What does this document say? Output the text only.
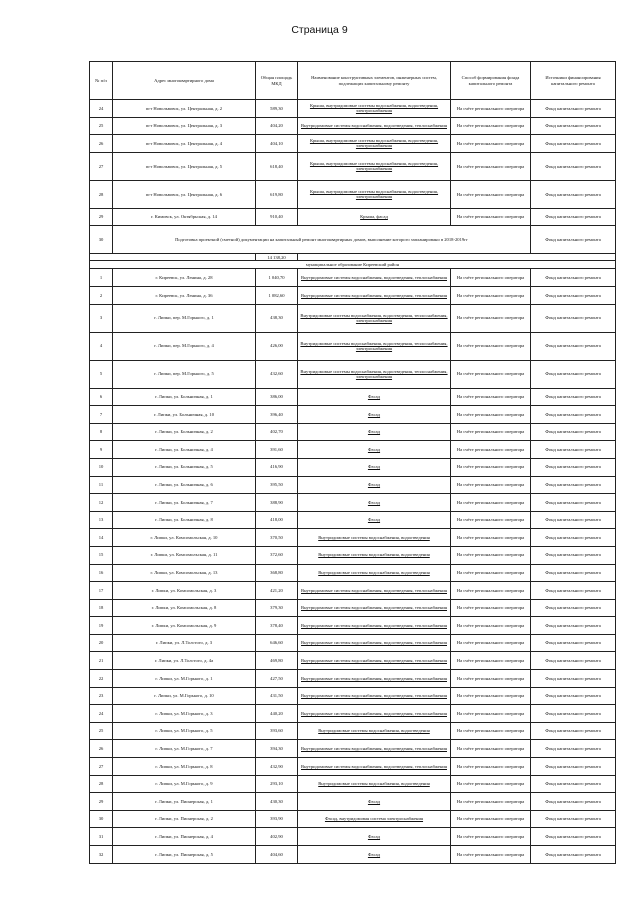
Страница 9
№ п/п	Адрес многоквартирного дома	Общая площадь МКД	Наименование конструктивных элементов, инженерных систем, подлежащих капитальному ремонту	Способ формирования фонда капитального ремонта	Источники финансирования капитального ремонта
24	пгт Новольвовск, ул. Центральная, д. 2	589,30	Крыша, внутридомовые системы водоснабжения, водоотведения, электроснабжения	На счёте регионального оператора	Фонд капитального ремонта
25	пгт Новольвовск, ул. Центральная, д. 3	404,20	Внутридомовые системы водоснабжения, водоотведения, теплоснабжения	На счёте регионального оператора	Фонд капитального ремонта
26	пгт Новольвовск, ул. Центральная, д. 4	404,10	Крыша, внутридомовые системы водоснабжения, водоотведения, электроснабжения	На счёте регионального оператора	Фонд капитального ремонта
27	пгт Новольвовск, ул. Центральная, д. 5	618,40	Крыша, внутридомовые системы водоснабжения, водоотведения, электроснабжения	На счёте регионального оператора	Фонд капитального ремонта
28	пгт Новольвовск, ул. Центральная, д. 6	619,80	Крыша, внутридомовые системы водоснабжения, водоотведения, электроснабжения	На счёте регионального оператора	Фонд капитального ремонта
29	г. Кимовск, ул. Октябрьская, д. 14	910,40	Крыша, фасад	На счёте регионального оператора	Фонд капитального ремонта
30	Подготовка проектной (сметной) документации на капитальный ремонт многоквартирных домов, выполнение которого запланировано в 2018-2019гг				Фонд капитального ремонта
		14 138,20			
муниципальное образование Киреевский район					
1	г. Киреевск, ул. Ленина, д. 28	1 040,70	Внутридомовые системы водоснабжения, водоотведения, теплоснабжения	На счёте регионального оператора	Фонд капитального ремонта
2	г. Киреевск, ул. Ленина, д. 36	1 082,60	Внутридомовые системы водоснабжения, водоотведения, теплоснабжения	На счёте регионального оператора	Фонд капитального ремонта
3	г. Липки, пер. М.Горького, д. 1	438,30	Внутридомовые системы водоснабжения, водоотведения, теплоснабжения, электроснабжения	На счёте регионального оператора	Фонд капитального ремонта
4	г. Липки, пер. М.Горького, д. 4	426,00	Внутридомовые системы водоснабжения, водоотведения, теплоснабжения, электроснабжения	На счёте регионального оператора	Фонд капитального ремонта
5	г. Липки, пер. М.Горького, д. 5	432,60	Внутридомовые системы водоснабжения, водоотведения, теплоснабжения, электроснабжения	На счёте регионального оператора	Фонд капитального ремонта
6	г. Липки, ул. Больничная, д. 1	386,00	Фасад	На счёте регионального оператора	Фонд капитального ремонта
7	г. Липки, ул. Больничная, д. 10	396,40	Фасад	На счёте регионального оператора	Фонд капитального ремонта
8	г. Липки, ул. Больничная, д. 2	402,70	Фасад	На счёте регионального оператора	Фонд капитального ремонта
9	г. Липки, ул. Больничная, д. 4	391,60	Фасад	На счёте регионального оператора	Фонд капитального ремонта
10	г. Липки, ул. Больничная, д. 5	416,90	Фасад	На счёте регионального оператора	Фонд капитального ремонта
11	г. Липки, ул. Больничная, д. 6	395,50	Фасад	На счёте регионального оператора	Фонд капитального ремонта
12	г. Липки, ул. Больничная, д. 7	388,90	Фасад	На счёте регионального оператора	Фонд капитального ремонта
13	г. Липки, ул. Больничная, д. 8	418,00	Фасад	На счёте регионального оператора	Фонд капитального ремонта
14	г. Липки, ул. Комсомольская, д. 10	370,50	Внутридомовые системы водоснабжения, водоотведения	На счёте регионального оператора	Фонд капитального ремонта
15	г. Липки, ул. Комсомольская, д. 11	372,60	Внутридомовые системы водоснабжения, водоотведения	На счёте регионального оператора	Фонд капитального ремонта
16	г. Липки, ул. Комсомольская, д. 13	368,80	Внутридомовые системы водоснабжения, водоотведения	На счёте регионального оператора	Фонд капитального ремонта
17	г. Липки, ул. Комсомольская, д. 3	421,20	Внутридомовые системы водоснабжения, водоотведения, теплоснабжения	На счёте регионального оператора	Фонд капитального ремонта
18	г. Липки, ул. Комсомольская, д. 8	379,30	Внутридомовые системы водоснабжения, водоотведения, теплоснабжения	На счёте регионального оператора	Фонд капитального ремонта
19	г. Липки, ул. Комсомольская, д. 9	378,40	Внутридомовые системы водоснабжения, водоотведения, теплоснабжения	На счёте регионального оператора	Фонд капитального ремонта
20	г. Липки, ул. Л.Толстого, д. 3	646,60	Внутридомовые системы водоснабжения, водоотведения, теплоснабжения	На счёте регионального оператора	Фонд капитального ремонта
21	г. Липки, ул. Л.Толстого, д. 4а	469,80	Внутридомовые системы водоснабжения, водоотведения, теплоснабжения	На счёте регионального оператора	Фонд капитального ремонта
22	г. Липки, ул. М.Горького, д. 1	427,50	Внутридомовые системы водоснабжения, водоотведения, теплоснабжения	На счёте регионального оператора	Фонд капитального ремонта
23	г. Липки, ул. М.Горького, д. 10	431,50	Внутридомовые системы водоснабжения, водоотведения, теплоснабжения	На счёте регионального оператора	Фонд капитального ремонта
24	г. Липки, ул. М.Горького, д. 3	440,20	Внутридомовые системы водоснабжения, водоотведения, теплоснабжения	На счёте регионального оператора	Фонд капитального ремонта
25	г. Липки, ул. М.Горького, д. 5	393,60	Внутридомовые системы водоснабжения, водоотведения	На счёте регионального оператора	Фонд капитального ремонта
26	г. Липки, ул. М.Горького, д. 7	394,30	Внутридомовые системы водоснабжения, водоотведения, теплоснабжения	На счёте регионального оператора	Фонд капитального ремонта
27	г. Липки, ул. М.Горького, д. 8	432,90	Внутридомовые системы водоснабжения, водоотведения, теплоснабжения	На счёте регионального оператора	Фонд капитального ремонта
28	г. Липки, ул. М.Горького, д. 9	293,10	Внутридомовые системы водоснабжения, водоотведения	На счёте регионального оператора	Фонд капитального ремонта
29	г. Липки, ул. Пионерская, д. 1	430,30	Фасад	На счёте регионального оператора	Фонд капитального ремонта
30	г. Липки, ул. Пионерская, д. 2	393,90	Фасад, внутридомовая система электроснабжения	На счёте регионального оператора	Фонд капитального ремонта
31	г. Липки, ул. Пионерская, д. 4	402,90	Фасад	На счёте регионального оператора	Фонд капитального ремонта
32	г. Липки, ул. Пионерская, д. 5	404,60	Фасад	На счёте регионального оператора	Фонд капитального ремонта
